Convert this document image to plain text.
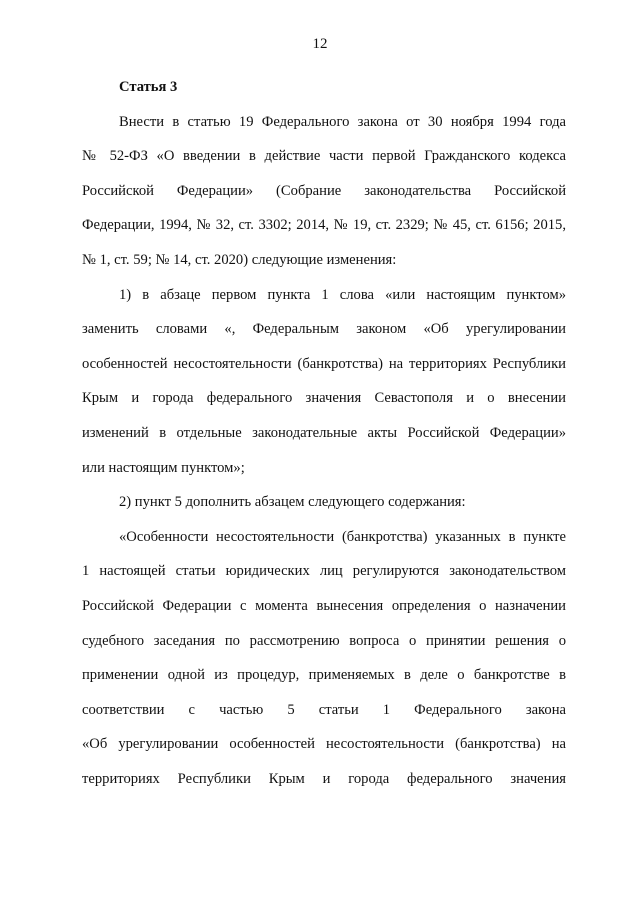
12

Статья 3

Внести в статью 19 Федерального закона от 30 ноября 1994 года
№ 52-ФЗ «О введении в действие части первой Гражданского кодекса
Российской Федерации» (Собрание законодательства Российской
Федерации, 1994, № 32, ст. 3302; 2014, № 19, ст. 2329; № 45, ст. 6156; 2015,
№ 1, ст. 59; № 14, ст. 2020) следующие изменения:
1) в абзаце первом пункта 1 слова «или настоящим пунктом»
заменить словами «, Федеральным законом «Об урегулировании
особенностей несостоятельности (банкротства) на территориях Республики
Крым и города федерального значения Севастополя и о внесении
изменений в отдельные законодательные акты Российской Федерации»
или настоящим пунктом»;
2) пункт 5 дополнить абзацем следующего содержания:
«Особенности несостоятельности (банкротства) указанных в пункте
1 настоящей статьи юридических лиц регулируются законодательством
Российской Федерации с момента вынесения определения о назначении
судебного заседания по рассмотрению вопроса о принятии решения о
применении одной из процедур, применяемых в деле о банкротстве в
соответствии с частью 5 статьи 1 Федерального закона
«Об урегулировании особенностей несостоятельности (банкротства) на
территориях Республики Крым и города федерального значения
